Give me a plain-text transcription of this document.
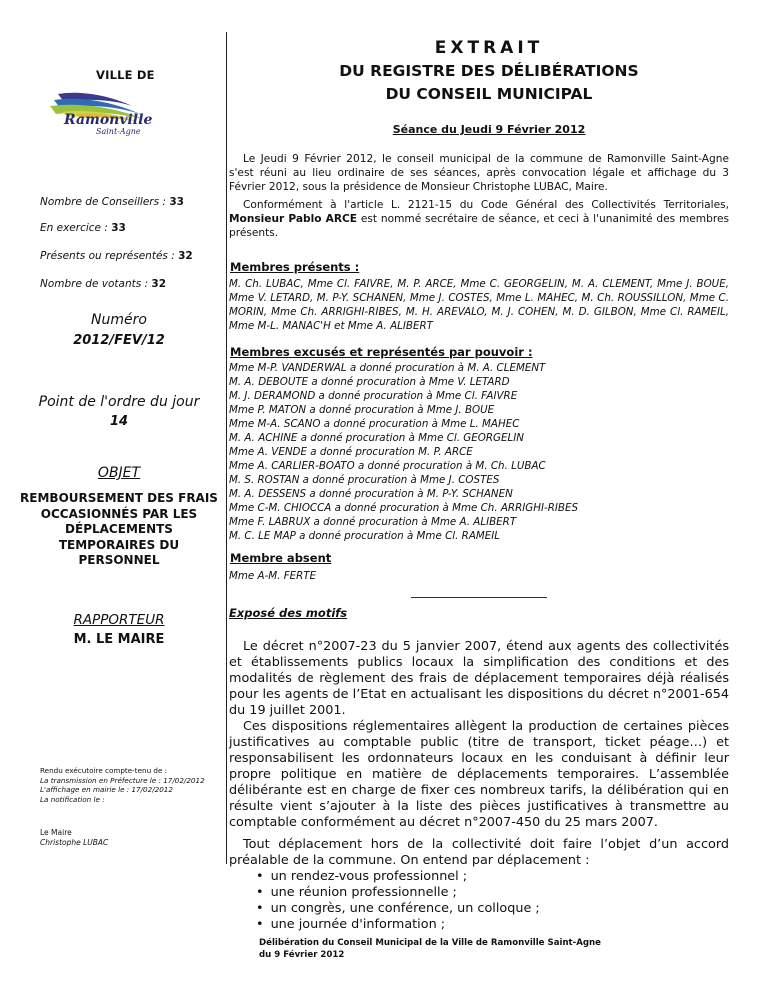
VILLE DE
Ramonville
Saint-Agne
Nombre de Conseillers : 33
En exercice : 33
Présents ou représentés : 32
Nombre de votants : 32
Numéro
2012/FEV/12
Point de l'ordre du jour
14
OBJET
REMBOURSEMENT DES FRAIS
OCCASIONNÉS PAR LES
DÉPLACEMENTS
TEMPORAIRES DU
PERSONNEL
RAPPORTEUR
M. LE MAIRE
Rendu exécutoire compte-tenu de :
La transmission en Préfecture le : 17/02/2012
L'affichage en mairie le : 17/02/2012
La notification le :
Le Maire
Christophe LUBAC
EXTRAIT
DU REGISTRE DES DÉLIBÉRATIONS
DU CONSEIL MUNICIPAL
Séance du Jeudi 9 Février 2012

Le Jeudi 9 Février 2012, le conseil municipal de la commune de Ramonville Saint-Agne s'est réuni au lieu ordinaire de ses séances, après convocation légale et affichage du 3 Février 2012, sous la présidence de Monsieur Christophe LUBAC, Maire.

Conformément à l'article L. 2121-15 du Code Général des Collectivités Territoriales, Monsieur Pablo ARCE est nommé secrétaire de séance, et ceci à l'unanimité des membres présents.

Membres présents :
M. Ch. LUBAC, Mme Cl. FAIVRE, M. P. ARCE, Mme C. GEORGELIN, M. A. CLEMENT, Mme J. BOUE, Mme V. LETARD, M. P-Y. SCHANEN, Mme J. COSTES, Mme L. MAHEC, M. Ch. ROUSSILLON, Mme C. MORIN, Mme Ch. ARRIGHI-RIBES, M. H. AREVALO, M. J. COHEN, M. D. GILBON, Mme Cl. RAMEIL, Mme M-L. MANAC'H et Mme A. ALIBERT
Membres excusés et représentés par pouvoir :
Mme M-P. VANDERWAL a donné procuration à M. A. CLEMENT
M. A. DEBOUTE a donné procuration à Mme V. LETARD
M. J. DERAMOND a donné procuration à Mme Cl. FAIVRE
Mme P. MATON a donné procuration à Mme J. BOUE
Mme M-A. SCANO a donné procuration à Mme L. MAHEC
M. A. ACHINE a donné procuration à Mme Cl. GEORGELIN
Mme A. VENDE a donné procuration M. P. ARCE
Mme A. CARLIER-BOATO a donné procuration à M. Ch. LUBAC
M. S. ROSTAN a donné procuration à Mme J. COSTES
M. A. DESSENS a donné procuration à M. P-Y. SCHANEN
Mme C-M. CHIOCCA a donné procuration à Mme Ch. ARRIGHI-RIBES
Mme F. LABRUX a donné procuration à Mme A. ALIBERT
M. C. LE MAP a donné procuration à Mme Cl. RAMEIL
Membre absent
Mme A-M. FERTE
Exposé des motifs

Le décret n°2007-23 du 5 janvier 2007, étend aux agents des collectivités et établissements publics locaux la simplification des conditions et des modalités de règlement des frais de déplacement temporaires déjà réalisés pour les agents de l’Etat en actualisant les dispositions du décret n°2001-654 du 19 juillet 2001.

Ces dispositions réglementaires allègent la production de certaines pièces justificatives au comptable public (titre de transport, ticket péage…) et responsabilisent les ordonnateurs locaux en les conduisant à définir leur propre politique en matière de déplacements temporaires. L’assemblée délibérante est en charge de fixer ces nombreux tarifs, la délibération qui en résulte vient s’ajouter à la liste des pièces justificatives à transmettre au comptable conformément au décret n°2007-450 du 25 mars 2007.

Tout déplacement hors de la collectivité doit faire l’objet d’un accord préalable de la commune. On entend par déplacement :

• un rendez-vous professionnel ;
• une réunion professionnelle ;
• un congrès, une conférence, un colloque ;
• une journée d'information ;
Délibération du Conseil Municipal de la Ville de Ramonville Saint-Agne
du 9 Février 2012
